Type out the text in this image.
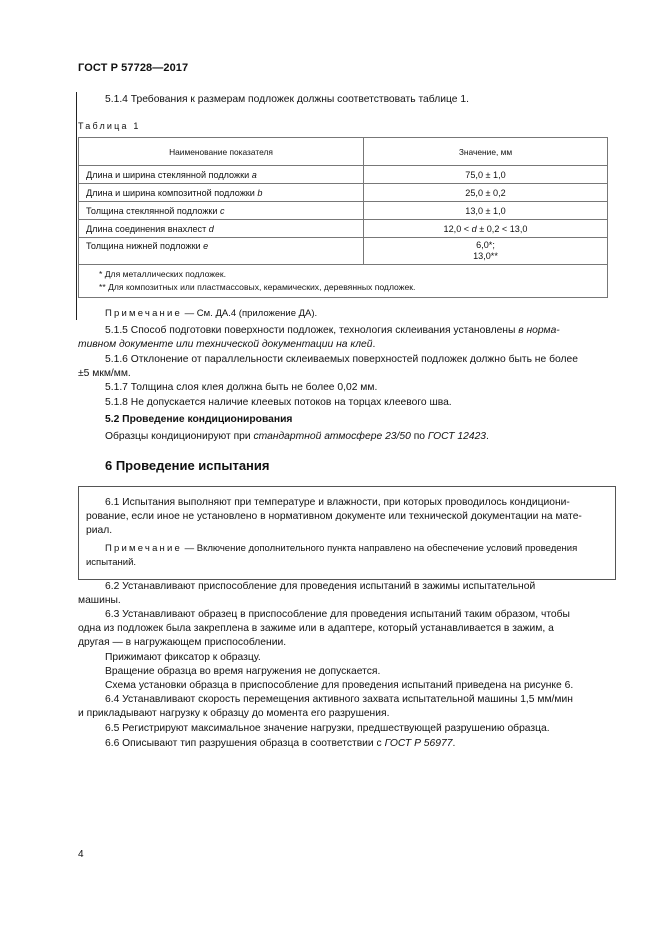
ГОСТ Р 57728—2017
5.1.4 Требования к размерам подложек должны соответствовать таблице 1.
Таблица 1
Наименование показателя	Значение, мм
Длина и ширина стеклянной подложки a	75,0 ± 1,0
Длина и ширина композитной подложки b	25,0 ± 0,2
Толщина стеклянной подложки c	13,0 ± 1,0
Длина соединения внахлест d	12,0 < d ± 0,2 < 13,0
Толщина нижней подложки e	6,0*;
13,0**

* Для металлических подложек.
** Для композитных или пластмассовых, керамических, деревянных подложек.	
Примечание — См. ДА.4 (приложение ДА).
5.1.5 Способ подготовки поверхности подложек, технология склеивания установлены в норма-
тивном документе или технической документации на клей.
5.1.6 Отклонение от параллельности склеиваемых поверхностей подложек должно быть не более
±5 мкм/мм.
5.1.7 Толщина слоя клея должна быть не более 0,02 мм.
5.1.8 Не допускается наличие клеевых потоков на торцах клеевого шва.
5.2 Проведение кондиционирования
Образцы кондиционируют при стандартной атмосфере 23/50 по ГОСТ 12423.
6 Проведение испытания
6.1 Испытания выполняют при температуре и влажности, при которых проводилось кондициони-
рование, если иное не установлено в нормативном документе или технической документации на мате-
риал.
Примечание — Включение дополнительного пункта направлено на обеспечение условий проведения
испытаний.
6.2 Устанавливают приспособление для проведения испытаний в зажимы испытательной
машины.
6.3 Устанавливают образец в приспособление для проведения испытаний таким образом, чтобы
одна из подложек была закреплена в зажиме или в адаптере, который устанавливается в зажим, а
другая — в нагружающем приспособлении.
Прижимают фиксатор к образцу.
Вращение образца во время нагружения не допускается.
Схема установки образца в приспособление для проведения испытаний приведена на рисунке 6.
6.4 Устанавливают скорость перемещения активного захвата испытательной машины 1,5 мм/мин
и прикладывают нагрузку к образцу до момента его разрушения.
6.5 Регистрируют максимальное значение нагрузки, предшествующей разрушению образца.
6.6 Описывают тип разрушения образца в соответствии с ГОСТ Р 56977.
4
